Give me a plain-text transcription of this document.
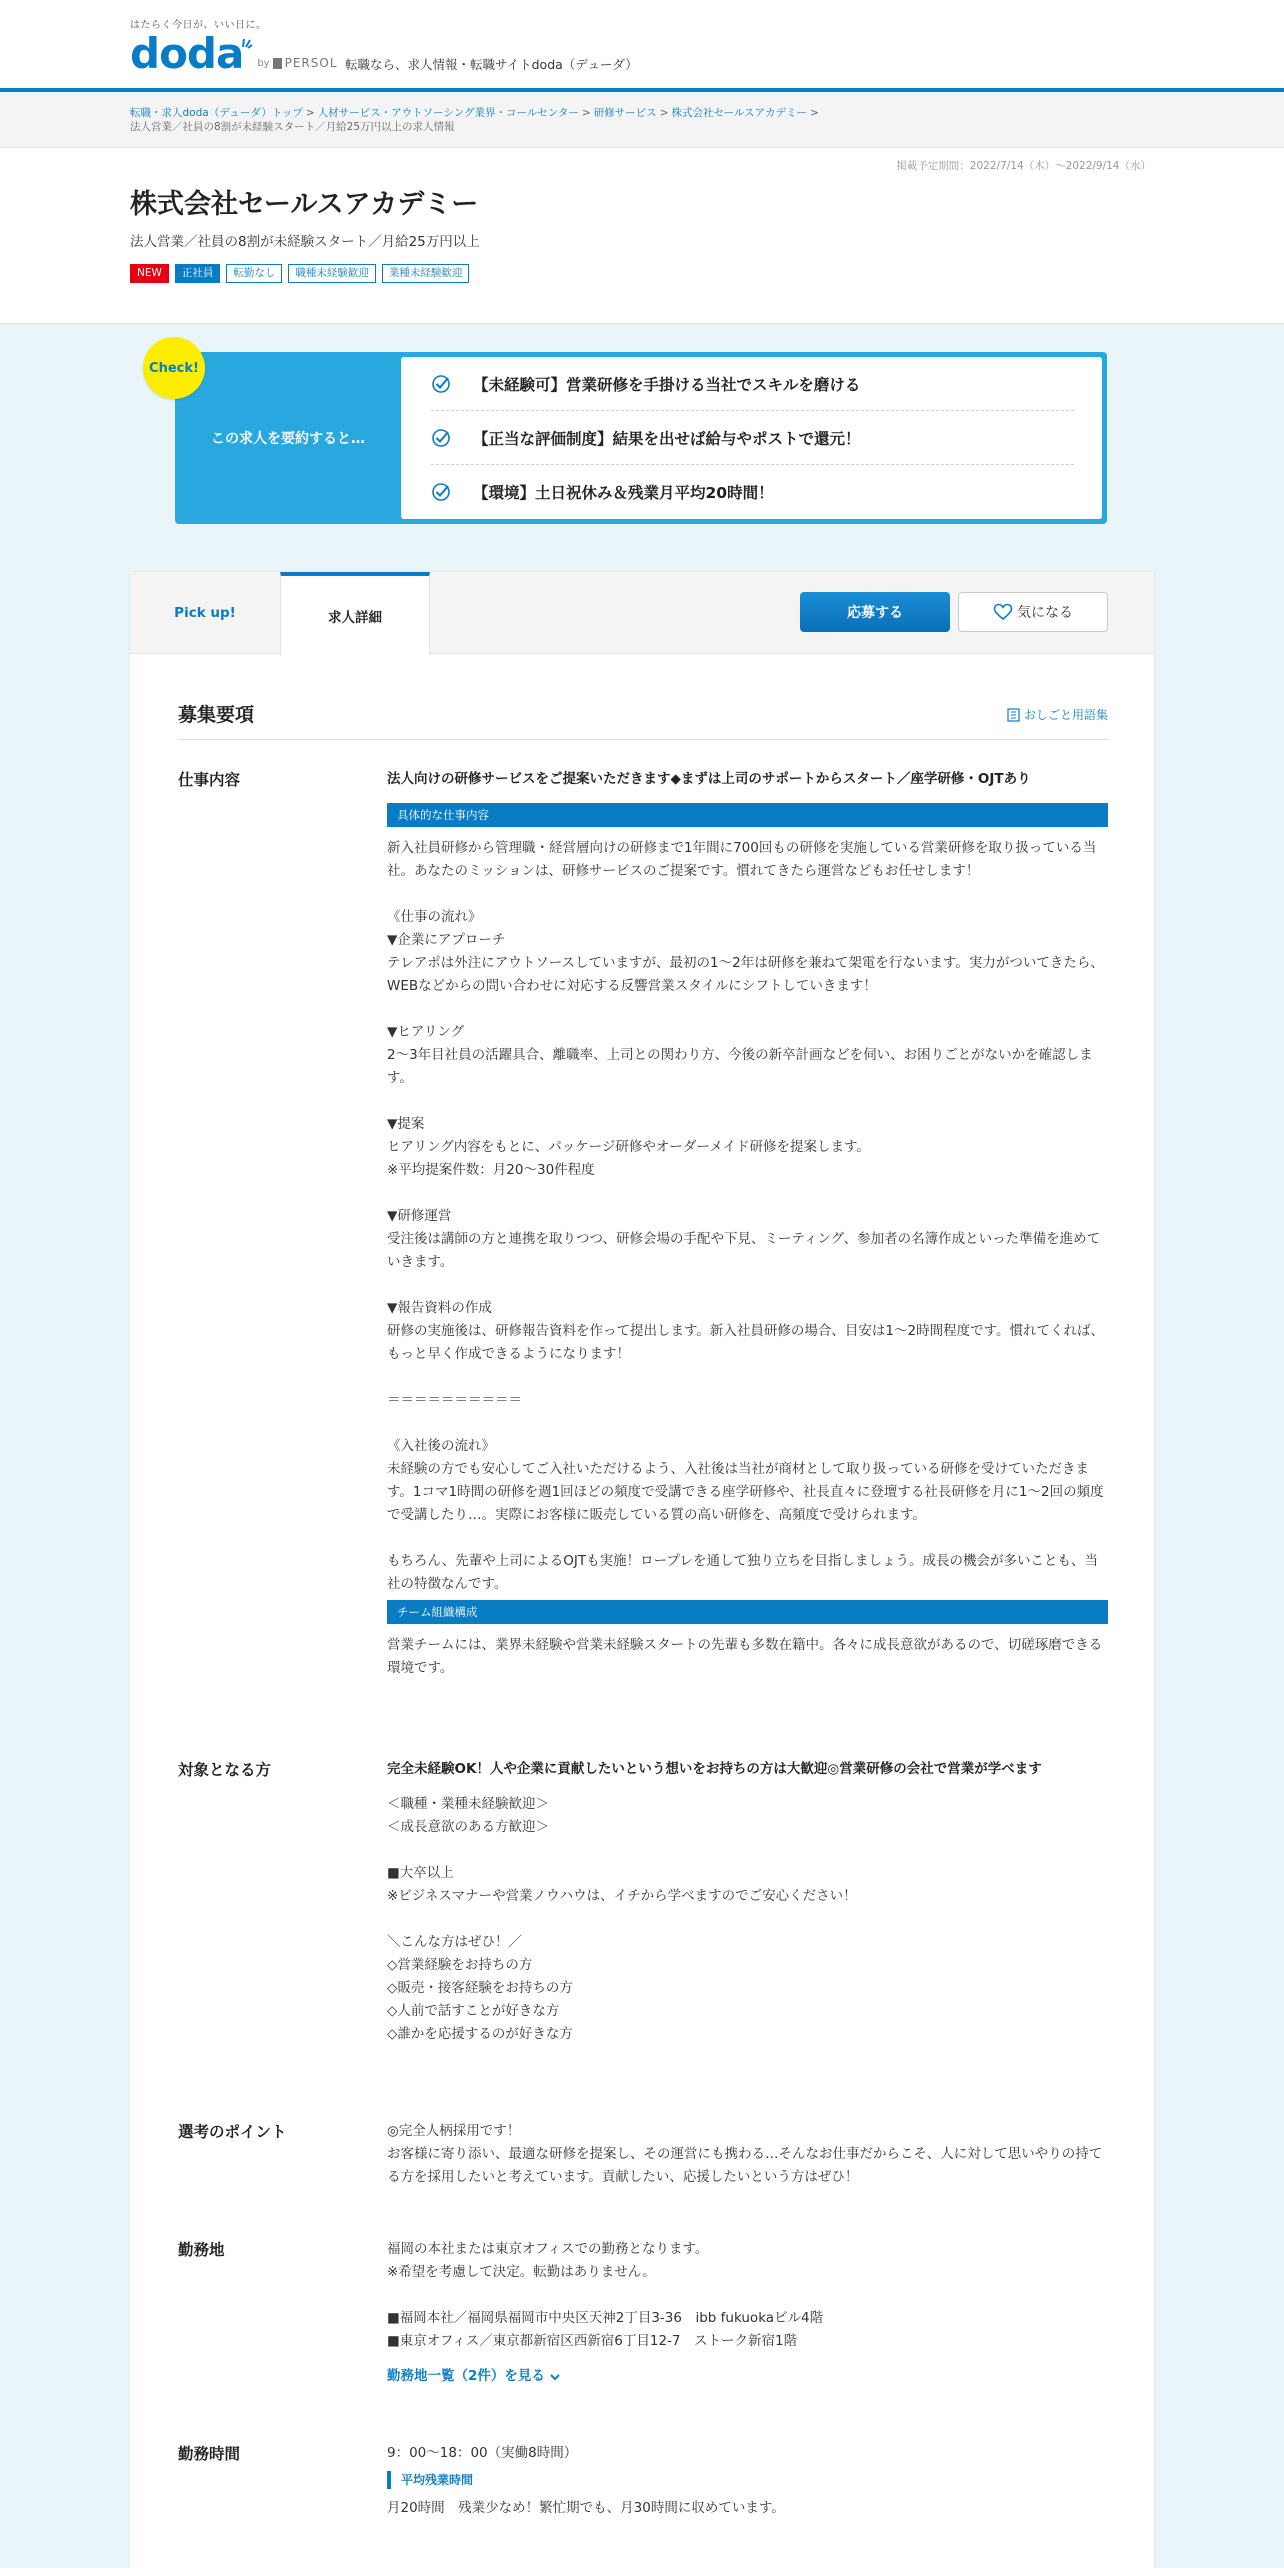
はたらく今日が、いい日に。
doda by PERSOL 転職なら、求人情報・転職サイトdoda（デューダ）
転職・求人doda（デューダ）トップ > 人材サービス・アウトソーシング業界・コールセンター > 研修サービス > 株式会社セールスアカデミー >
法人営業／社員の8割が未経験スタート／月給25万円以上の求人情報
掲載予定期間：2022/7/14（木）～2022/9/14（水）
株式会社セールスアカデミー
法人営業／社員の8割が未経験スタート／月給25万円以上
NEW	正社員	転勤なし	職種未経験歓迎	業種未経験歓迎
この求人を要約すると…
【未経験可】営業研修を手掛ける当社でスキルを磨ける
【正当な評価制度】結果を出せば給与やポストで還元！
【環境】土日祝休み＆残業月平均20時間！
Check!
Pick up!	求人詳細	応募する	気になる
募集要項	おしごと用語集
仕事内容	法人向けの研修サービスをご提案いただきます◆まずは上司のサポートからスタート／座学研修・OJTあり
具体的な仕事内容
新入社員研修から管理職・経営層向けの研修まで1年間に700回もの研修を実施している営業研修を取り扱っている当社。あなたのミッションは、研修サービスのご提案です。慣れてきたら運営などもお任せします！

《仕事の流れ》
▼企業にアプローチ
テレアポは外注にアウトソースしていますが、最初の1～2年は研修を兼ねて架電を行ないます。実力がついてきたら、WEBなどからの問い合わせに対応する反響営業スタイルにシフトしていきます！

▼ヒアリング
2～3年目社員の活躍具合、離職率、上司との関わり方、今後の新卒計画などを伺い、お困りごとがないかを確認します。

▼提案
ヒアリング内容をもとに、パッケージ研修やオーダーメイド研修を提案します。
※平均提案件数：月20～30件程度

▼研修運営
受注後は講師の方と連携を取りつつ、研修会場の手配や下見、ミーティング、参加者の名簿作成といった準備を進めていきます。

▼報告資料の作成
研修の実施後は、研修報告資料を作って提出します。新入社員研修の場合、目安は1～2時間程度です。慣れてくれば、もっと早く作成できるようになります！

＝＝＝＝＝＝＝＝＝＝

《入社後の流れ》
未経験の方でも安心してご入社いただけるよう、入社後は当社が商材として取り扱っている研修を受けていただきます。1コマ1時間の研修を週1回ほどの頻度で受講できる座学研修や、社長直々に登壇する社長研修を月に1～2回の頻度で受講したり…。実際にお客様に販売している質の高い研修を、高頻度で受けられます。

もちろん、先輩や上司によるOJTも実施！ロープレを通して独り立ちを目指しましょう。成長の機会が多いことも、当社の特徴なんです。
チーム組織構成
営業チームには、業界未経験や営業未経験スタートの先輩も多数在籍中。各々に成長意欲があるので、切磋琢磨できる環境です。
対象となる方	完全未経験OK！人や企業に貢献したいという想いをお持ちの方は大歓迎◎営業研修の会社で営業が学べます
＜職種・業種未経験歓迎＞
＜成長意欲のある方歓迎＞

■大卒以上
※ビジネスマナーや営業ノウハウは、イチから学べますのでご安心ください！

＼こんな方はぜひ！／
◇営業経験をお持ちの方
◇販売・接客経験をお持ちの方
◇人前で話すことが好きな方
◇誰かを応援するのが好きな方
選考のポイント	◎完全人柄採用です！
お客様に寄り添い、最適な研修を提案し、その運営にも携わる…そんなお仕事だからこそ、人に対して思いやりの持てる方を採用したいと考えています。貢献したい、応援したいという方はぜひ！
勤務地	福岡の本社または東京オフィスでの勤務となります。
※希望を考慮して決定。転勤はありません。

■福岡本社／福岡県福岡市中央区天神2丁目3-36　ibb fukuokaビル4階
■東京オフィス／東京都新宿区西新宿6丁目12-7　ストーク新宿1階
勤務地一覧（2件）を見る
勤務時間	9：00～18：00（実働8時間）
平均残業時間
月20時間　残業少なめ！繁忙期でも、月30時間に収めています。
